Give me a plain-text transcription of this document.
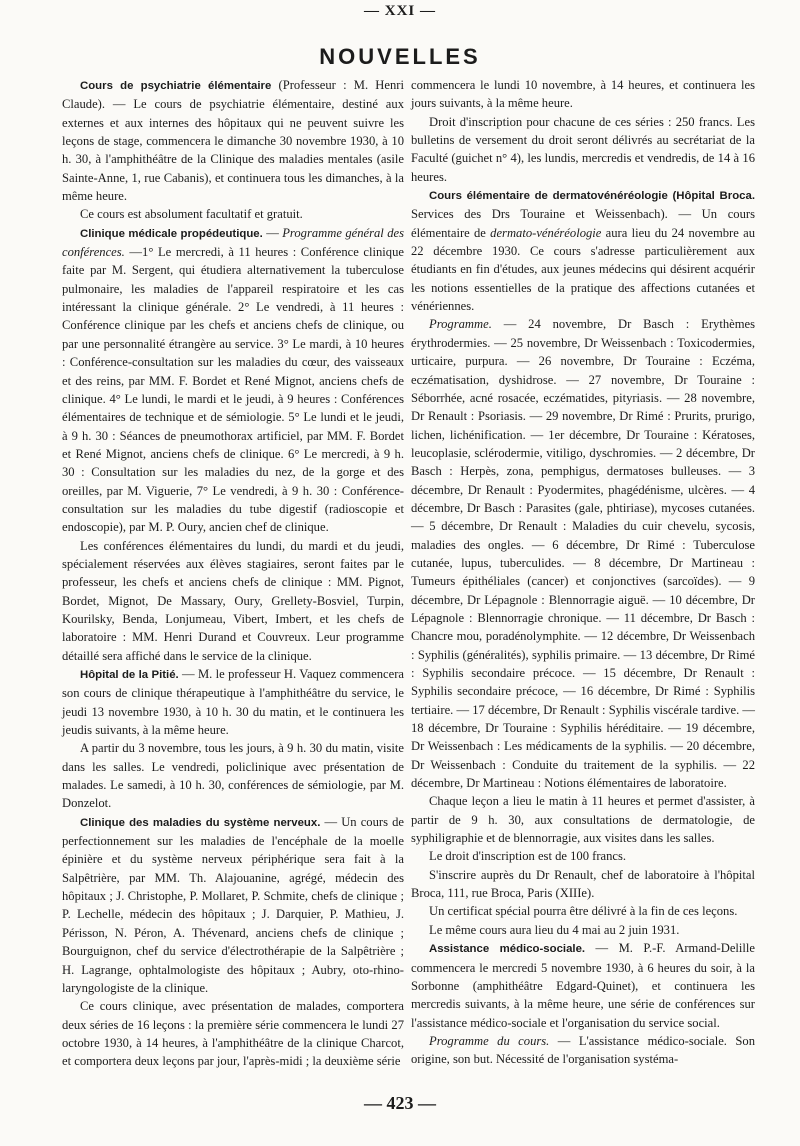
— XXI —
NOUVELLES

Cours de psychiatrie élémentaire (Professeur : M. Henri Claude). — Le cours de psychiatrie élémentaire, destiné aux externes et aux internes des hôpitaux qui ne peuvent suivre les leçons de stage, commencera le dimanche 30 novembre 1930, à 10 h. 30, à l'amphithéâtre de la Clinique des maladies mentales (asile Sainte-Anne, 1, rue Cabanis), et continuera tous les dimanches, à la même heure.

Ce cours est absolument facultatif et gratuit.

Clinique médicale propédeutique. — Programme général des conférences. —1° Le mercredi, à 11 heures : Conférence clinique faite par M. Sergent, qui étudiera alternativement la tuberculose pulmonaire, les maladies de l'appareil respiratoire et les cas intéressant la clinique générale. 2° Le vendredi, à 11 heures : Conférence clinique par les chefs et anciens chefs de clinique, ou par une personnalité étrangère au service. 3° Le mardi, à 10 heures : Conférence-consultation sur les maladies du cœur, des vaisseaux et des reins, par MM. F. Bordet et René Mignot, anciens chefs de clinique. 4° Le lundi, le mardi et le jeudi, à 9 heures : Conférences élémentaires de technique et de sémiologie. 5° Le lundi et le jeudi, à 9 h. 30 : Séances de pneumothorax artificiel, par MM. F. Bordet et René Mignot, anciens chefs de clinique. 6° Le mercredi, à 9 h. 30 : Consultation sur les maladies du nez, de la gorge et des oreilles, par M. Viguerie, 7° Le vendredi, à 9 h. 30 : Conférence-consultation sur les maladies du tube digestif (radioscopie et endoscopie), par M. P. Oury, ancien chef de clinique.

Les conférences élémentaires du lundi, du mardi et du jeudi, spécialement réservées aux élèves stagiaires, seront faites par le professeur, les chefs et anciens chefs de clinique : MM. Pignot, Bordet, Mignot, De Massary, Oury, Grellety-Bosviel, Turpin, Kourilsky, Benda, Lonjumeau, Vibert, Imbert, et les chefs de laboratoire : MM. Henri Durand et Couvreux. Leur programme détaillé sera affiché dans le service de la clinique.

Hôpital de la Pitié. — M. le professeur H. Vaquez commencera son cours de clinique thérapeutique à l'amphithéâtre du service, le jeudi 13 novembre 1930, à 10 h. 30 du matin, et le continuera les jeudis suivants, à la même heure.

A partir du 3 novembre, tous les jours, à 9 h. 30 du matin, visite dans les salles. Le vendredi, policlinique avec présentation de malades. Le samedi, à 10 h. 30, conférences de sémiologie, par M. Donzelot.

Clinique des maladies du système nerveux. — Un cours de perfectionnement sur les maladies de l'encéphale de la moelle épinière et du système nerveux périphérique sera fait à la Salpêtrière, par MM. Th. Alajouanine, agrégé, médecin des hôpitaux ; J. Christophe, P. Mollaret, P. Schmite, chefs de clinique ; P. Lechelle, médecin des hôpitaux ; J. Darquier, P. Mathieu, J. Périsson, N. Péron, A. Thévenard, anciens chefs de clinique ; Bourguignon, chef du service d'électrothérapie de la Salpêtrière ; H. Lagrange, ophtalmologiste des hôpitaux ; Aubry, oto-rhino-laryngologiste de la clinique.

Ce cours clinique, avec présentation de malades, comportera deux séries de 16 leçons : la première série commencera le lundi 27 octobre 1930, à 14 heures, à l'amphithéâtre de la clinique Charcot, et comportera deux leçons par jour, l'après-midi ; la deuxième série

commencera le lundi 10 novembre, à 14 heures, et continuera les jours suivants, à la même heure.

Droit d'inscription pour chacune de ces séries : 250 francs. Les bulletins de versement du droit seront délivrés au secrétariat de la Faculté (guichet n° 4), les lundis, mercredis et vendredis, de 14 à 16 heures.

Cours élémentaire de dermatovénéréologie (Hôpital Broca. Services des Drs Touraine et Weissenbach). — Un cours élémentaire de dermato-vénéréologie aura lieu du 24 novembre au 22 décembre 1930. Ce cours s'adresse particulièrement aux étudiants en fin d'études, aux jeunes médecins qui désirent acquérir les notions essentielles de la pratique des affections cutanées et vénériennes.

Programme. — 24 novembre, Dr Basch : Erythèmes érythrodermies. — 25 novembre, Dr Weissenbach : Toxicodermies, urticaire, purpura. — 26 novembre, Dr Touraine : Eczéma, eczématisation, dyshidrose. — 27 novembre, Dr Touraine : Séborrhée, acné rosacée, eczématides, pityriasis. — 28 novembre, Dr Renault : Psoriasis. — 29 novembre, Dr Rimé : Prurits, prurigo, lichen, lichénification. — 1er décembre, Dr Touraine : Kératoses, leucoplasie, sclérodermie, vitiligo, dyschromies. — 2 décembre, Dr Basch : Herpès, zona, pemphigus, dermatoses bulleuses. — 3 décembre, Dr Renault : Pyodermites, phagédénisme, ulcères. — 4 décembre, Dr Basch : Parasites (gale, phtiriase), mycoses cutanées. — 5 décembre, Dr Renault : Maladies du cuir chevelu, sycosis, maladies des ongles. — 6 décembre, Dr Rimé : Tuberculose cutanée, lupus, tuberculides. — 8 décembre, Dr Martineau : Tumeurs épithéliales (cancer) et conjonctives (sarcoïdes). — 9 décembre, Dr Lépagnole : Blennorragie aiguë. — 10 décembre, Dr Lépagnole : Blennorragie chronique. — 11 décembre, Dr Basch : Chancre mou, poradénolymphite. — 12 décembre, Dr Weissenbach : Syphilis (généralités), syphilis primaire. — 13 décembre, Dr Rimé : Syphilis secondaire précoce. — 15 décembre, Dr Renault : Syphilis secondaire précoce, — 16 décembre, Dr Rimé : Syphilis tertiaire. — 17 décembre, Dr Renault : Syphilis viscérale tardive. — 18 décembre, Dr Touraine : Syphilis héréditaire. — 19 décembre, Dr Weissenbach : Les médicaments de la syphilis. — 20 décembre, Dr Weissenbach : Conduite du traitement de la syphilis. — 22 décembre, Dr Martineau : Notions élémentaires de laboratoire.

Chaque leçon a lieu le matin à 11 heures et permet d'assister, à partir de 9 h. 30, aux consultations de dermatologie, de syphiligraphie et de blennorragie, aux visites dans les salles.

Le droit d'inscription est de 100 francs.

S'inscrire auprès du Dr Renault, chef de laboratoire à l'hôpital Broca, 111, rue Broca, Paris (XIIIe).

Un certificat spécial pourra être délivré à la fin de ces leçons.

Le même cours aura lieu du 4 mai au 2 juin 1931.

Assistance médico-sociale. — M. P.-F. Armand-Delille commencera le mercredi 5 novembre 1930, à 6 heures du soir, à la Sorbonne (amphithéâtre Edgard-Quinet), et continuera les mercredis suivants, à la même heure, une série de conférences sur l'assistance médico-sociale et l'organisation du service social.

Programme du cours. — L'assistance médico-sociale. Son origine, son but. Nécessité de l'organisation systéma-

— 423 —
